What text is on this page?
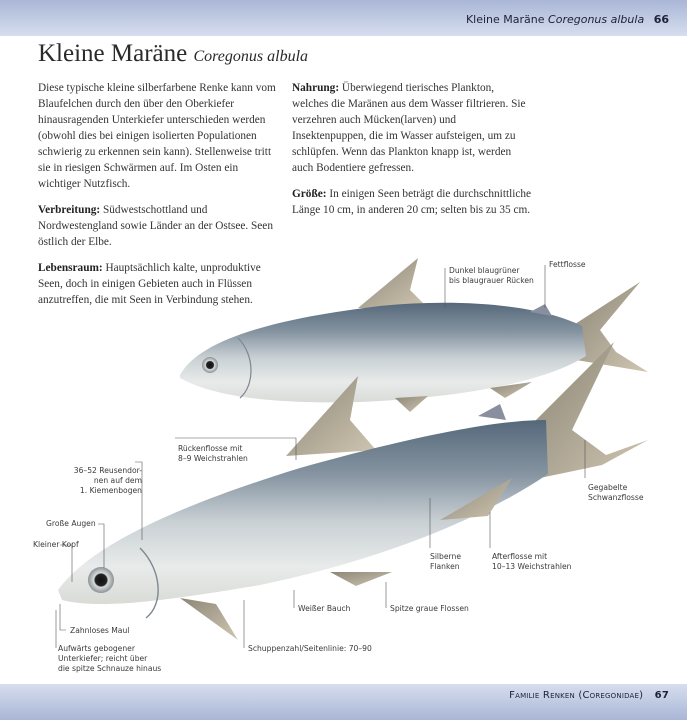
Kleine Maräne Coregonus albula 66
Kleine Maräne Coregonus albula

Diese typische kleine silberfarbene Renke kann vom Blaufelchen durch den über den Oberkiefer hinausragenden Unterkiefer unterschieden werden (obwohl dies bei einigen isolierten Populationen schwierig zu erkennen sein kann). Stellenweise tritt sie in riesigen Schwärmen auf. Im Osten ein wichtiger Nutzfisch.

Verbreitung: Südwestschottland und Nordwestengland sowie Länder an der Ostsee. Seen östlich der Elbe.

Lebensraum: Hauptsächlich kalte, unproduktive Seen, doch in einigen Gebieten auch in Flüssen anzutreffen, die mit Seen in Verbindung stehen.

Nahrung: Überwiegend tierisches Plankton, welches die Maränen aus dem Wasser filtrieren. Sie verzehren auch Mücken(larven) und Insektenpuppen, die im Wasser aufsteigen, um zu schlüpfen. Wenn das Plankton knapp ist, werden auch Bodentiere gefressen.

Größe: In einigen Seen beträgt die durchschnittliche Länge 10 cm, in anderen 20 cm; selten bis zu 35 cm.

Dunkel blaugrüner
bis blaugrauer Rücken
Fettflosse
Rückenflosse mit
8–9 Weichstrahlen
36–52 Reusendor-
nen auf dem
1. Kiemenbogen
Große Augen
Kleiner Kopf
Gegabelte
Schwanzflosse
Silberne
Flanken
Afterflosse mit
10–13 Weichstrahlen
Weißer Bauch	Spitze graue Flossen
Zahnloses Maul
Aufwärts gebogener
Unterkiefer; reicht über
die spitze Schnauze hinaus
Schuppenzahl/Seitenlinie: 70–90
Familie Renken (Coregonidae) 67
